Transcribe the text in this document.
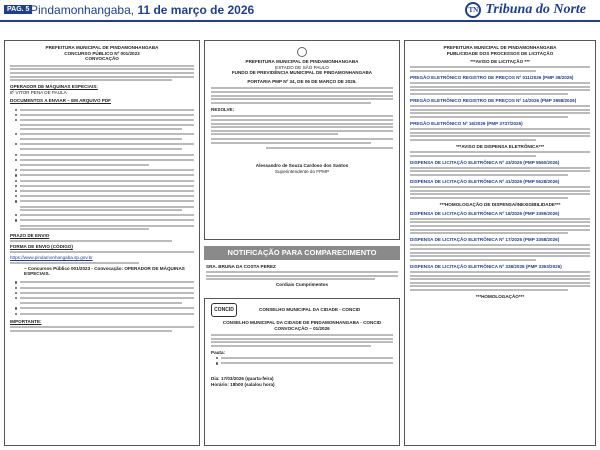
PAG. 5 Pindamonhangaba, 11 de março de 2026	TN Tribuna do Norte
PREFEITURA MUNICIPAL DE PINDAMONHANGABA
CONCURSO PÚBLICO Nº 001/2023
CONVOCAÇÃO
OPERADOR DE MÁQUINAS ESPECIAIS:
8º VITOR PENA DE PAULA
DOCUMENTOS A ENVIAR – EM ARQUIVO PDF
PRAZO DE ENVIO
FORMA DE ENVIO (CÓDIGO)
https://www.pindamonhangaba.sp.gov.br
– Concursos Público 001/2023 - Convocação: OPERADOR DE MÁQUINAS ESPECIAIS.
IMPORTANTE:
PREFEITURA MUNICIPAL DE PINDAMONHANGABA
ESTADO DE SÃO PAULO
FUNDO DE PREVIDÊNCIA MUNICIPAL DE PINDAMONHANGABA
PORTARIA PMP Nº 34, DE 06 DE MARÇO DE 2026.
RESOLVE:
Alessandro de Souza Cardoso dos Santos
Superintendente do FPMP
NOTIFICAÇÃO PARA COMPARECIMENTO
SRA. BRUNA DA COSTA PEREZ
Cordiais Cumprimentos
CONCID	CONSELHO MUNICIPAL DA CIDADE - CONCID
CONSELHO MUNICIPAL DA CIDADE DE PINDAMONHANGABA - CONCID
CONVOCAÇÃO – 01/2026
Pauta:
Dia: 17/03/2026 (quarta-feira)
Horário: 18h00 (sala/ou hora)
PREFEITURA MUNICIPAL DE PINDAMONHANGABA
PUBLICIDADE DOS PROCESSOS DE LICITAÇÃO
***AVISO DE LICITAÇÃO ***
PREGÃO ELETRÔNICO REGISTRO DE PREÇOS Nº 011/2026 (PMP 38/2026)
PREGÃO ELETRÔNICO REGISTRO DE PREÇOS Nº 14/2026 (PMP 3958/2026)
PREGÃO ELETRÔNICO Nº 16/2026 (PMP 3737/2026)
***AVISO DE DISPENSA ELETRÔNICA***
DISPENSA DE LICITAÇÃO ELETRÔNICA Nº 43/2026 (PMP 5560/2026)
DISPENSA DE LICITAÇÃO ELETRÔNICA Nº 41/2026 (PMP 5528/2026)
***HOMOLOGAÇÃO DE DISPENSA/INEXIGIBILIDADE***
DISPENSA DE LICITAÇÃO ELETRÔNICA Nº 18/2026 (PMP 3359/2026)
DISPENSA DE LICITAÇÃO ELETRÔNICA Nº 17/2026 (PMP 3358/2026)
DISPENSA DE LICITAÇÃO ELETRÔNICA Nº 338/2026 (PMP 3363/2026)
***HOMOLOGAÇÃO***
